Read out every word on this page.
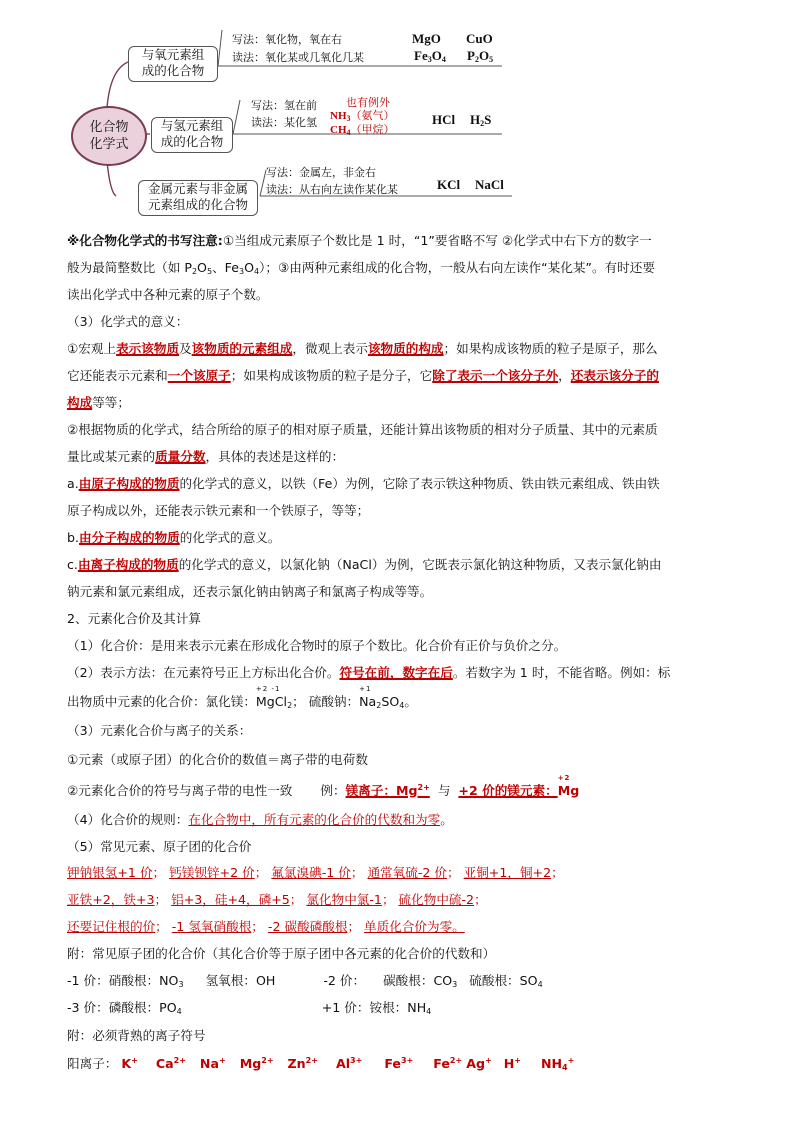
化合物
化学式
与氧元素组
成的化合物
写法：氧化物，氧在右
读法：氧化某或几氧化几某
MgO CuO
$Fe_3O_4$ $P_2O_5$
与氢元素组
成的化合物
写法：氢在前
读法：某化氢
也有例外
$NH_3$（氨气）
$CH_4$（甲烷）
HCl $H_2S$
金属元素与非金属
元素组成的化合物
写法：金属左，非金右
读法：从右向左读作某化某	KCl NaCl
※化合物化学式的书写注意:①当组成元素原子个数比是 1 时，“1”要省略不写 ②化学式中右下方的数字一
般为最简整数比（如 $P_2O_5$、$Fe_3O_4$）；③由两种元素组成的化合物，一般从右向左读作“某化某”。有时还要
读出化学式中各种元素的原子个数。
（3）化学式的意义：
①宏观上表示该物质及该物质的元素组成，微观上表示该物质的构成；如果构成该物质的粒子是原子，那么
它还能表示元素和一个该原子；如果构成该物质的粒子是分子，它除了表示一个该分子外，还表示该分子的
构成等等；
②根据物质的化学式，结合所给的原子的相对原子质量，还能计算出该物质的相对分子质量、其中的元素质
量比或某元素的质量分数，具体的表述是这样的：
a.由原子构成的物质的化学式的意义，以铁（Fe）为例，它除了表示铁这种物质、铁由铁元素组成、铁由铁
原子构成以外，还能表示铁元素和一个铁原子，等等；
b.由分子构成的物质的化学式的意义。
c.由离子构成的物质的化学式的意义，以氯化钠（NaCl）为例，它既表示氯化钠这种物质，又表示氯化钠由
钠元素和氯元素组成，还表示氯化钠由钠离子和氯离子构成等等。
2、元素化合价及其计算
（1）化合价：是用来表示元素在形成化合物时的原子个数比。化合价有正价与负价之分。
（2）表示方法：在元素符号正上方标出化合价。符号在前，数字在后。若数字为 1 时，不能省略。例如：标
出物质中元素的化合价：氯化镁：
+2 -1
MgCl$_2$； 硫酸钠：
+1
$Na_2SO_4$。
（3）元素化合价与离子的关系：
①元素（或原子团）的化合价的数值＝离子带的电荷数
②元素化合价的符号与离子带的电性一致 例：镁离子：$Mg^{2+}$ 与 +2 价的镁元素：
+2
Mg
（4）化合价的规则：在化合物中，所有元素的化合价的代数和为零。
（5）常见元素、原子团的化合价
钾钠银氢+1 价； 钙镁钡锌+2 价； 氟氯溴碘-1 价； 通常氧硫-2 价； 亚铜+1，铜+2；
亚铁+2，铁+3； 铝+3，硅+4，磷+5； 氯化物中氯-1； 硫化物中硫-2；
还要记住根的价； -1 氢氧硝酸根； -2 碳酸磷酸根； 单质化合价为零。
附：常见原子团的化合价（其化合价等于原子团中各元素的化合价的代数和）
-1 价：硝酸根：$NO_3$ 氢氧根：OH	-2 价： 碳酸根：$CO_3$ 硫酸根：$SO_4$
-3 价：磷酸根：$PO_4$	+1 价：铵根：$NH_4$
附：必须背熟的离子符号
阳离子： K+ $Ca^{2+}$ Na+ $Mg^{2+}$ $Zn^{2+}$ $Al^{3+}$ $Fe^{3+}$ $Fe^{2+}$ Ag+ H+ $NH_4^+$
